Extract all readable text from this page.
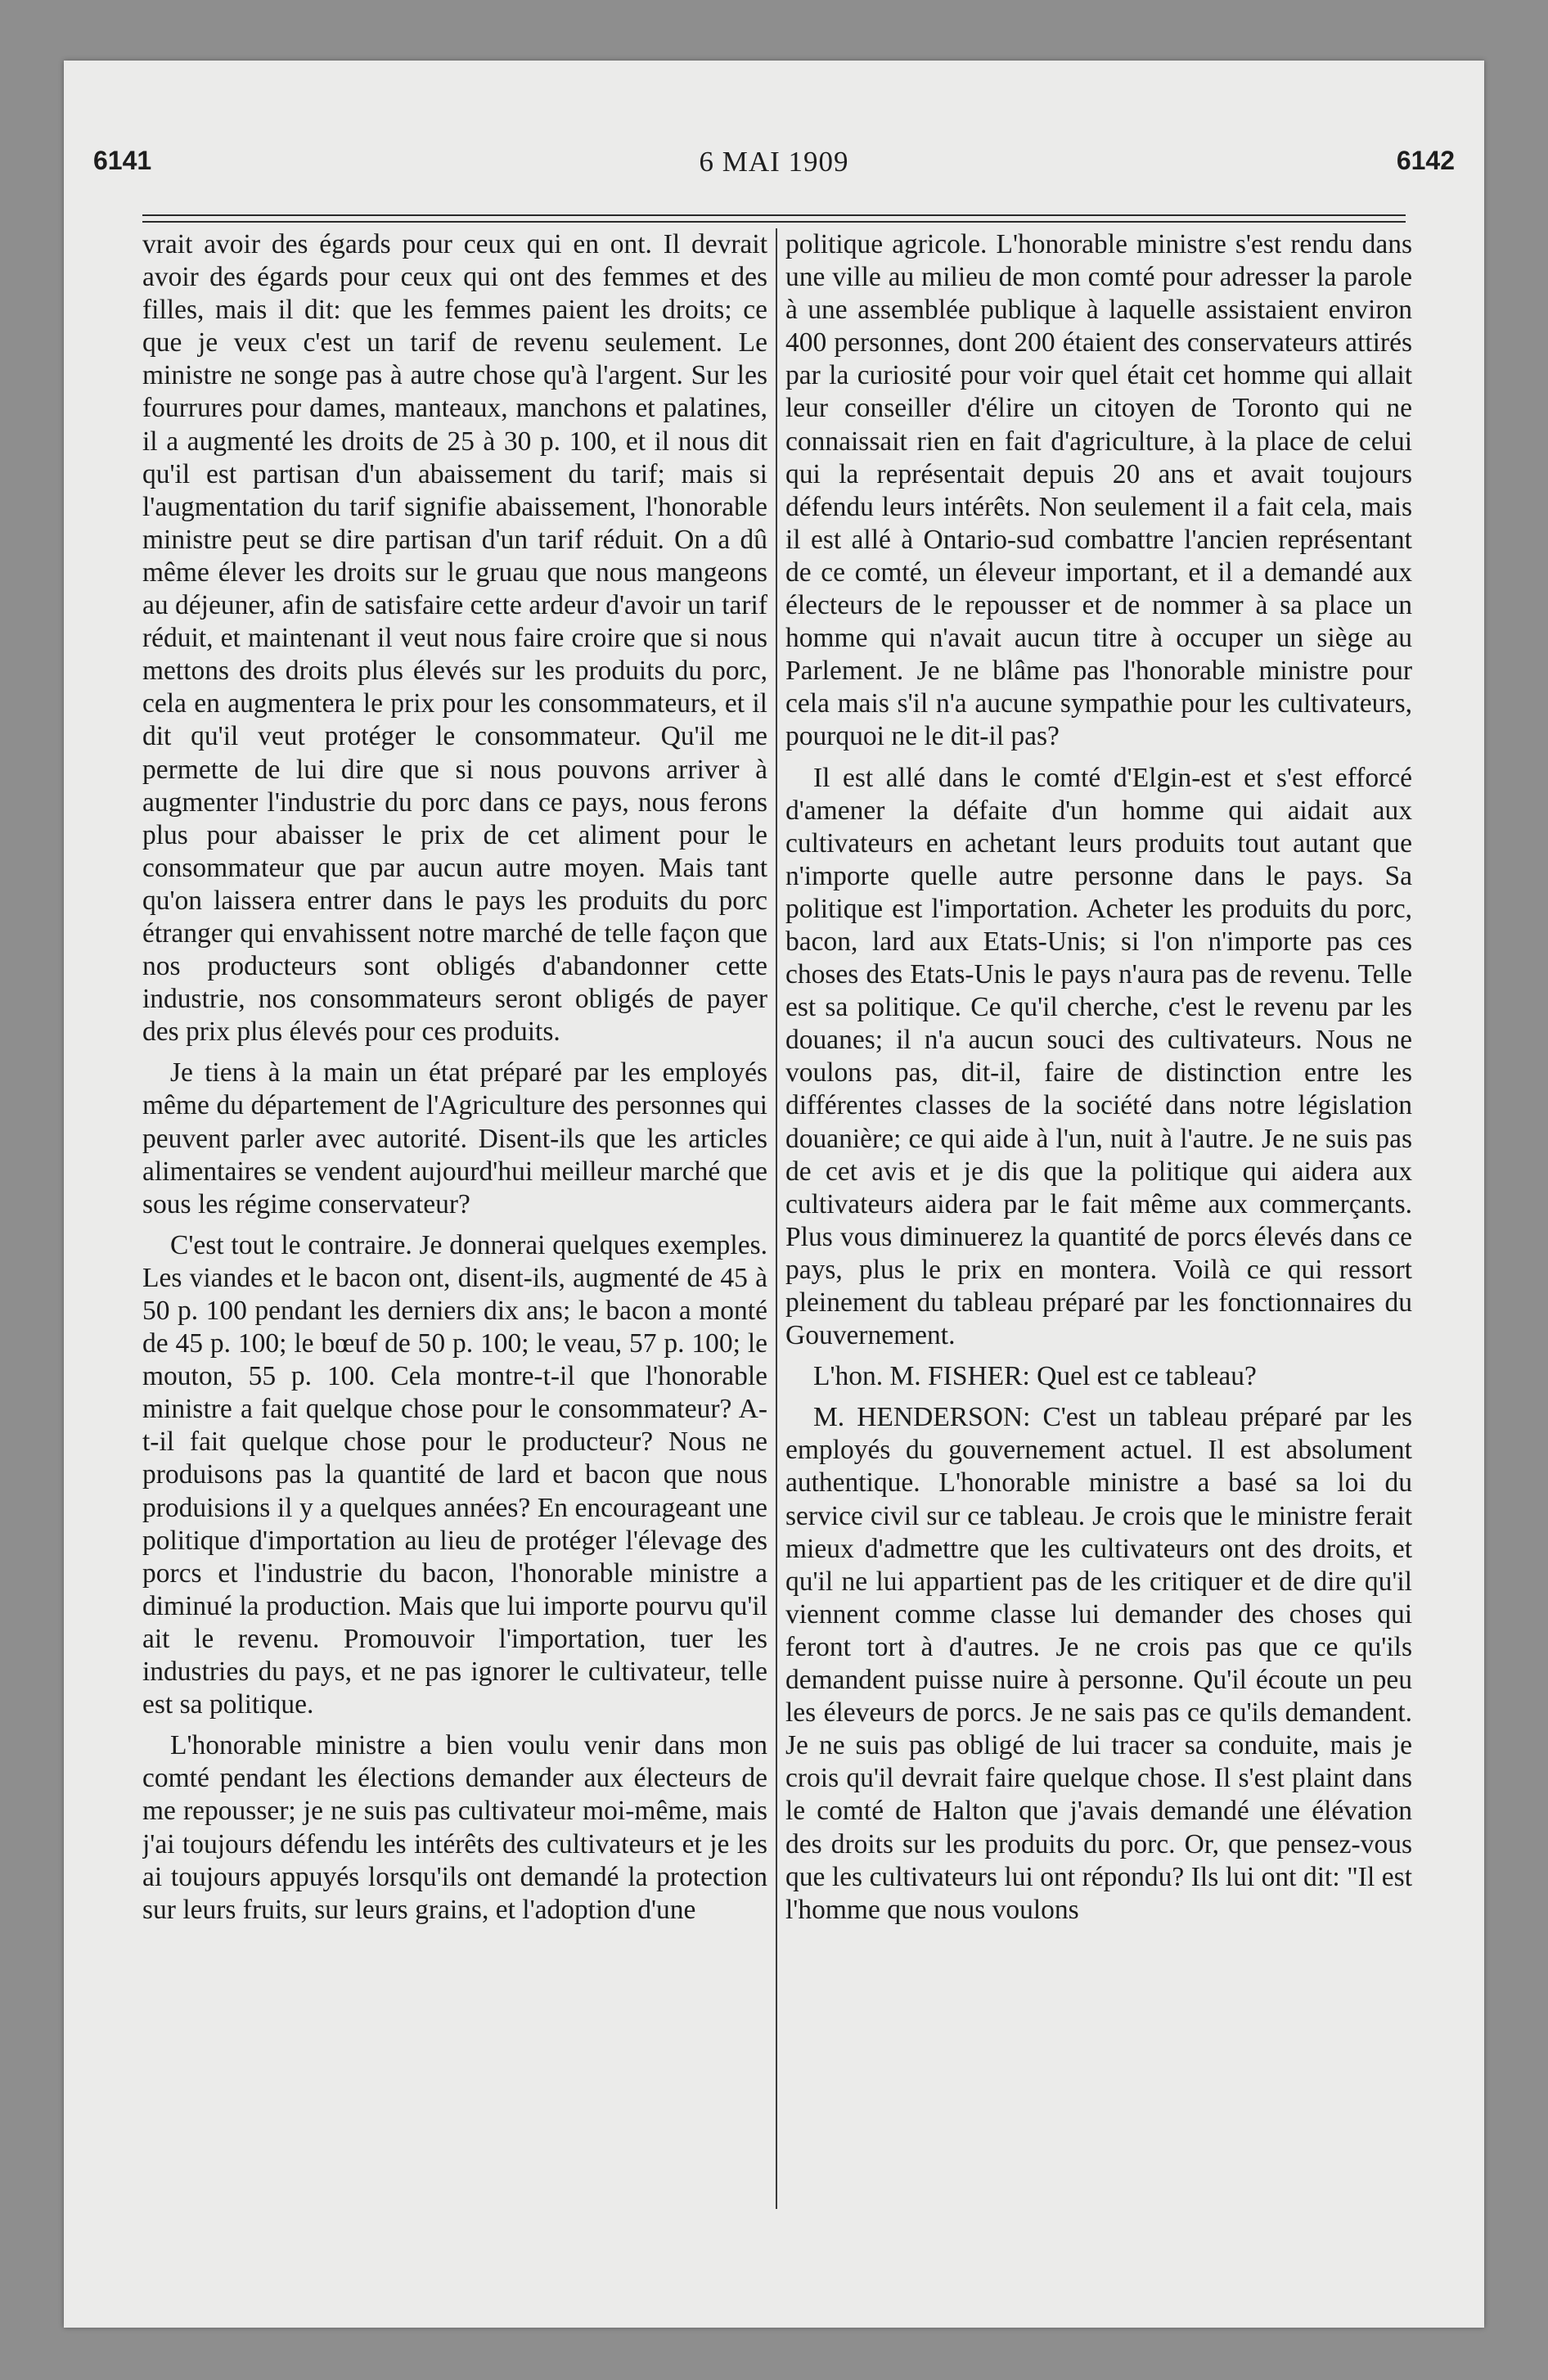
6141	6 MAI 1909	6142

vrait avoir des égards pour ceux qui en ont. Il devrait avoir des égards pour ceux qui ont des femmes et des filles, mais il dit: que les femmes paient les droits; ce que je veux c'est un tarif de revenu seulement. Le ministre ne songe pas à autre chose qu'à l'argent. Sur les fourrures pour dames, manteaux, manchons et palatines, il a augmenté les droits de 25 à 30 p. 100, et il nous dit qu'il est partisan d'un abaissement du tarif; mais si l'augmentation du tarif signifie abaissement, l'honorable ministre peut se dire partisan d'un tarif réduit. On a dû même élever les droits sur le gruau que nous mangeons au déjeuner, afin de satisfaire cette ardeur d'avoir un tarif réduit, et maintenant il veut nous faire croire que si nous mettons des droits plus élevés sur les produits du porc, cela en augmentera le prix pour les consommateurs, et il dit qu'il veut protéger le consommateur. Qu'il me permette de lui dire que si nous pouvons arriver à augmenter l'industrie du porc dans ce pays, nous ferons plus pour abaisser le prix de cet aliment pour le consommateur que par aucun autre moyen. Mais tant qu'on laissera entrer dans le pays les produits du porc étranger qui envahissent notre marché de telle façon que nos producteurs sont obligés d'abandonner cette industrie, nos consommateurs seront obligés de payer des prix plus élevés pour ces produits.

Je tiens à la main un état préparé par les employés même du département de l'Agriculture des personnes qui peuvent parler avec autorité. Disent-ils que les articles alimentaires se vendent aujourd'hui meilleur marché que sous les régime conservateur?

C'est tout le contraire. Je donnerai quelques exemples. Les viandes et le bacon ont, disent-ils, augmenté de 45 à 50 p. 100 pendant les derniers dix ans; le bacon a monté de 45 p. 100; le bœuf de 50 p. 100; le veau, 57 p. 100; le mouton, 55 p. 100. Cela montre-t-il que l'honorable ministre a fait quelque chose pour le consommateur? A-t-il fait quelque chose pour le producteur? Nous ne produisons pas la quantité de lard et bacon que nous produisions il y a quelques années? En encourageant une politique d'importation au lieu de protéger l'élevage des porcs et l'industrie du bacon, l'honorable ministre a diminué la production. Mais que lui importe pourvu qu'il ait le revenu. Promouvoir l'importation, tuer les industries du pays, et ne pas ignorer le cultivateur, telle est sa politique.

L'honorable ministre a bien voulu venir dans mon comté pendant les élections demander aux électeurs de me repousser; je ne suis pas cultivateur moi-même, mais j'ai toujours défendu les intérêts des cultivateurs et je les ai toujours appuyés lorsqu'ils ont demandé la protection sur leurs fruits, sur leurs grains, et l'adoption d'une

politique agricole. L'honorable ministre s'est rendu dans une ville au milieu de mon comté pour adresser la parole à une assemblée publique à laquelle assistaient environ 400 personnes, dont 200 étaient des conservateurs attirés par la curiosité pour voir quel était cet homme qui allait leur conseiller d'élire un citoyen de Toronto qui ne connaissait rien en fait d'agriculture, à la place de celui qui la représentait depuis 20 ans et avait toujours défendu leurs intérêts. Non seulement il a fait cela, mais il est allé à Ontario-sud combattre l'ancien représentant de ce comté, un éleveur important, et il a demandé aux électeurs de le repousser et de nommer à sa place un homme qui n'avait aucun titre à occuper un siège au Parlement. Je ne blâme pas l'honorable ministre pour cela mais s'il n'a aucune sympathie pour les cultivateurs, pourquoi ne le dit-il pas?

Il est allé dans le comté d'Elgin-est et s'est efforcé d'amener la défaite d'un homme qui aidait aux cultivateurs en achetant leurs produits tout autant que n'importe quelle autre personne dans le pays. Sa politique est l'importation. Acheter les produits du porc, bacon, lard aux Etats-Unis; si l'on n'importe pas ces choses des Etats-Unis le pays n'aura pas de revenu. Telle est sa politique. Ce qu'il cherche, c'est le revenu par les douanes; il n'a aucun souci des cultivateurs. Nous ne voulons pas, dit-il, faire de distinction entre les différentes classes de la société dans notre législation douanière; ce qui aide à l'un, nuit à l'autre. Je ne suis pas de cet avis et je dis que la politique qui aidera aux cultivateurs aidera par le fait même aux commerçants. Plus vous diminuerez la quantité de porcs élevés dans ce pays, plus le prix en montera. Voilà ce qui ressort pleinement du tableau préparé par les fonctionnaires du Gouvernement.

L'hon. M. FISHER: Quel est ce tableau?

M. HENDERSON: C'est un tableau préparé par les employés du gouvernement actuel. Il est absolument authentique. L'honorable ministre a basé sa loi du service civil sur ce tableau. Je crois que le ministre ferait mieux d'admettre que les cultivateurs ont des droits, et qu'il ne lui appartient pas de les critiquer et de dire qu'il viennent comme classe lui demander des choses qui feront tort à d'autres. Je ne crois pas que ce qu'ils demandent puisse nuire à personne. Qu'il écoute un peu les éleveurs de porcs. Je ne sais pas ce qu'ils demandent. Je ne suis pas obligé de lui tracer sa conduite, mais je crois qu'il devrait faire quelque chose. Il s'est plaint dans le comté de Halton que j'avais demandé une élévation des droits sur les produits du porc. Or, que pensez-vous que les cultivateurs lui ont répondu? Ils lui ont dit: "Il est l'homme que nous voulons
